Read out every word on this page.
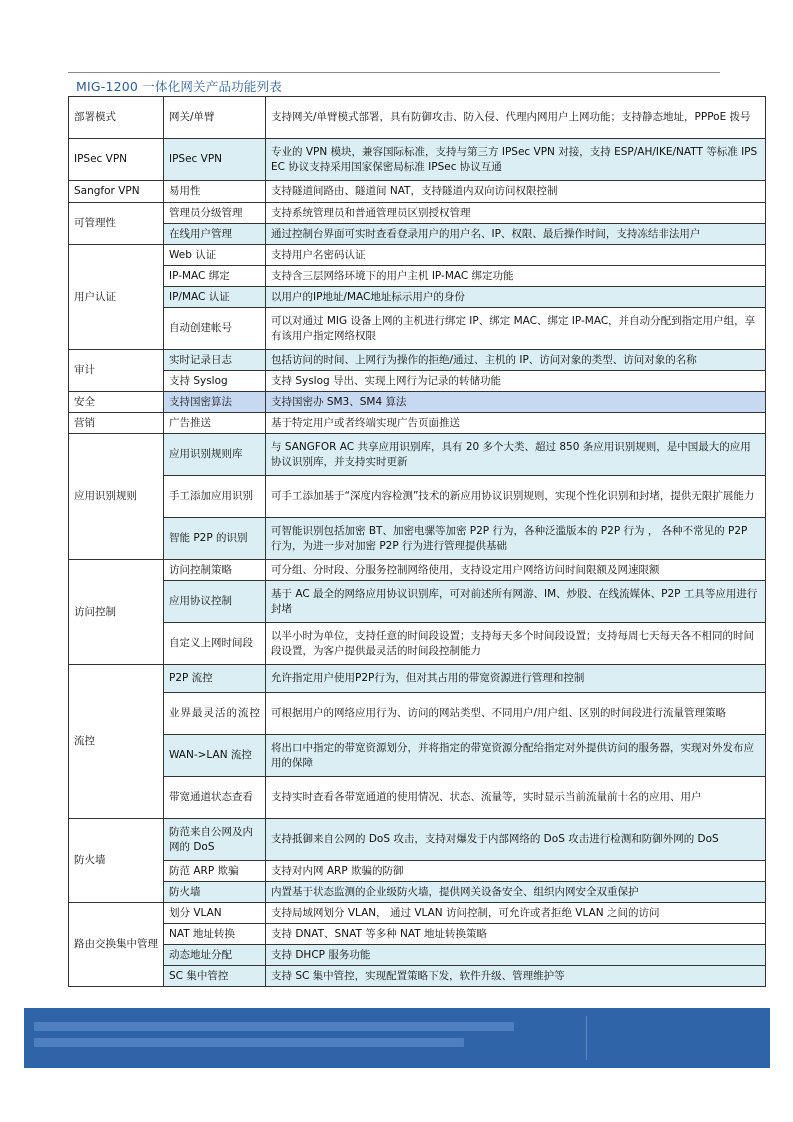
MIG-1200 一体化网关产品功能列表
部署模式	网关/单臂	支持网关/单臂模式部署，具有防御攻击、防入侵、代理内网用户上网功能；支持静态地址，PPPoE 拨号
IPSec VPN	IPSec VPN	专业的 VPN 模块，兼容国际标准，支持与第三方 IPSec VPN 对接，支持 ESP/AH/IKE/NATT 等标准 IPSEC 协议支持采用国家保密局标准 IPSec 协议互通
Sangfor VPN	易用性	支持隧道间路由、隧道间 NAT，支持隧道内双向访问权限控制
可管理性	管理员分级管理	支持系统管理员和普通管理员区别授权管理
	在线用户管理	通过控制台界面可实时查看登录用户的用户名、IP、权限、最后操作时间，支持冻结非法用户
用户认证	Web 认证	支持用户名密码认证
	IP-MAC 绑定	支持含三层网络环境下的用户主机 IP-MAC 绑定功能
	IP/MAC 认证	以用户的IP地址/MAC地址标示用户的身份
	自动创建帐号	可以对通过 MIG 设备上网的主机进行绑定 IP、绑定 MAC、绑定 IP-MAC，并自动分配到指定用户组，享有该用户指定网络权限
审计	实时记录日志	包括访问的时间、上网行为操作的拒绝/通过、主机的 IP、访问对象的类型、访问对象的名称
	支持 Syslog	支持 Syslog 导出、实现上网行为记录的转储功能
安全	支持国密算法	支持国密办 SM3、SM4 算法
营销	广告推送	基于特定用户或者终端实现广告页面推送
应用识别规则	应用识别规则库	与 SANGFOR AC 共享应用识别库，具有 20 多个大类、超过 850 条应用识别规则，是中国最大的应用协议识别库，并支持实时更新
	手工添加应用识别	可手工添加基于“深度内容检测”技术的新应用协议识别规则，实现个性化识别和封堵，提供无限扩展能力
	智能 P2P 的识别	可智能识别包括加密 BT、加密电骡等加密 P2P 行为，各种泛滥版本的 P2P 行为 ， 各种不常见的 P2P 行为，为进一步对加密 P2P 行为进行管理提供基础
访问控制	访问控制策略	可分组、分时段、分服务控制网络使用，支持设定用户网络访问时间限额及网速限额
	应用协议控制	基于 AC 最全的网络应用协议识别库，可对前述所有网游、IM、炒股、在线流媒体、P2P 工具等应用进行封堵
	自定义上网时间段	以半小时为单位，支持任意的时间段设置；支持每天多个时间段设置；支持每周七天每天各不相同的时间　段设置，为客户提供最灵活的时间段控制能力
流控	P2P 流控	允许指定用户使用P2P行为，但对其占用的带宽资源进行管理和控制
	业界最灵活的流控	可根据用户的网络应用行为、访问的网站类型、不同用户/用户组、区别的时间段进行流量管理策略
	WAN->LAN 流控	将出口中指定的带宽资源划分，并将指定的带宽资源分配给指定对外提供访问的服务器，实现对外发布应用的保障
	带宽通道状态查看	支持实时查看各带宽通道的使用情况、状态、流量等，实时显示当前流量前十名的应用、用户
防火墙	防范来自公网及内网的 DoS	支持抵御来自公网的 DoS 攻击，支持对爆发于内部网络的 DoS 攻击进行检测和防御外网的 DoS
	防范 ARP 欺骗	支持对内网 ARP 欺骗的防御
	防火墙	内置基于状态监测的企业级防火墙，提供网关设备安全、组织内网安全双重保护
路由交换集中管理	划分 VLAN	支持局域网划分 VLAN， 通过 VLAN 访问控制，可允许或者拒绝 VLAN 之间的访问
	NAT 地址转换	支持 DNAT、SNAT 等多种 NAT 地址转换策略
	动态地址分配	支持 DHCP 服务功能
	SC 集中管控	支持 SC 集中管控，实现配置策略下发，软件升级、管理维护等
